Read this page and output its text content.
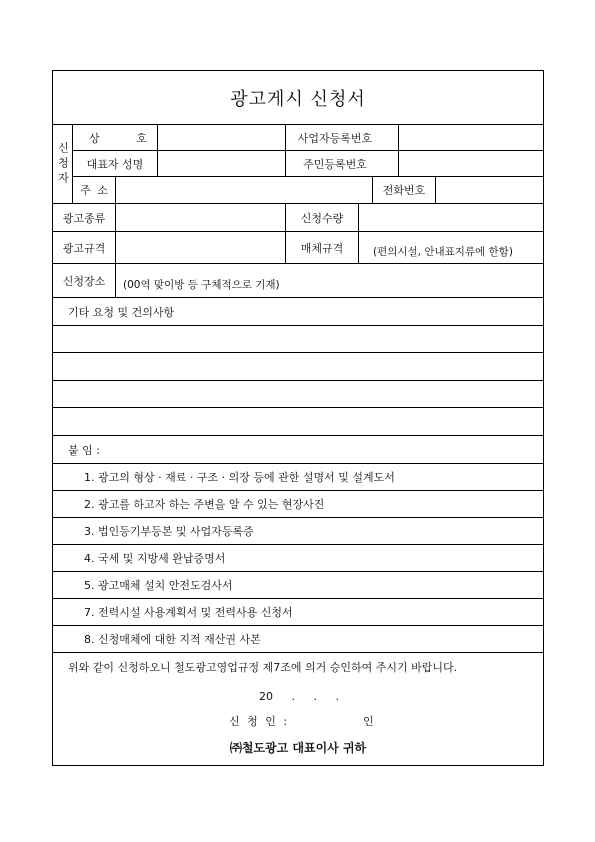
광고게시 신청서
신청자
상 호	사업자등록번호
대표자 성명	주민등록번호
주 소	전화번호
광고종류	신청수량
광고규격	매체규격	(편의시설, 안내표지류에 한함)
신청장소 (00역 맞이방 등 구체적으로 기재)
기타 요청 및 건의사항
붙 임 :
1. 광고의 형상 · 재료 · 구조 · 의장 등에 관한 설명서 및 설계도서
2. 광고를 하고자 하는 주변을 알 수 있는 현장사진
3. 법인등기부등본 및 사업자등록증
4. 국세 및 지방세 완납증명서
5. 광고매체 설치 안전도검사서
7. 전력시설 사용계획서 및 전력사용 신청서
8. 신청매체에 대한 지적 재산권 사본
위와 같이 신청하오니 철도광고영업규정 제7조에 의거 승인하여 주시기 바랍니다.
20 . . .
신 청 인 :	인
㈜철도광고 대표이사 귀하
